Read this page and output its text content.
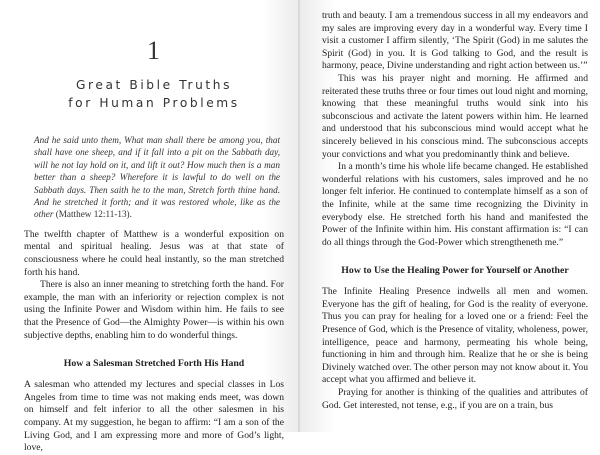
1
Great Bible Truths
for Human Problems
And he said unto them, What man shall there be among you, that shall have one sheep, and if it fall into a pit on the Sabbath day, will he not lay hold on it, and lift it out? How much then is a man better than a sheep? Wherefore it is lawful to do well on the Sabbath days. Then saith he to the man, Stretch forth thine hand. And he stretched it forth; and it was restored whole, like as the other (Matthew 12:11-13).

The twelfth chapter of Matthew is a wonderful exposition on mental and spiritual healing. Jesus was at that state of consciousness where he could heal instantly, so the man stretched forth his hand.

There is also an inner meaning to stretching forth the hand. For example, the man with an inferiority or rejection complex is not using the Infinite Power and Wisdom within him. He fails to see that the Presence of God—the Almighty Power—is within his own subjective depths, enabling him to do wonderful things.

How a Salesman Stretched Forth His Hand

A salesman who attended my lectures and special classes in Los Angeles from time to time was not making ends meet, was down on himself and felt inferior to all the other salesmen in his company. At my suggestion, he began to affirm: “I am a son of the Living God, and I am expressing more and more of God’s light, love,

truth and beauty. I am a tremendous success in all my endeavors and my sales are improving every day in a wonderful way. Every time I visit a customer I affirm silently, ‘The Spirit (God) in me salutes the Spirit (God) in you. It is God talking to God, and the result is harmony, peace, Divine understanding and right action between us.’”

This was his prayer night and morning. He affirmed and reiterated these truths three or four times out loud night and morning, knowing that these meaningful truths would sink into his subconscious and activate the latent powers within him. He learned and understood that his subconscious mind would accept what he sincerely believed in his conscious mind. The subconscious accepts your convictions and what you predominantly think and believe.

In a month’s time his whole life became changed. He established wonderful relations with his customers, sales improved and he no longer felt inferior. He continued to contemplate himself as a son of the Infinite, while at the same time recognizing the Divinity in everybody else. He stretched forth his hand and manifested the Power of the Infinite within him. His constant affirmation is: “I can do all things through the God-Power which strengtheneth me.”

How to Use the Healing Power for Yourself or Another

The Infinite Healing Presence indwells all men and women. Everyone has the gift of healing, for God is the reality of everyone. Thus you can pray for healing for a loved one or a friend: Feel the Presence of God, which is the Presence of vitality, wholeness, power, intelligence, peace and harmony, permeating his whole being, functioning in him and through him. Realize that he or she is being Divinely watched over. The other person may not know about it. You accept what you affirmed and believe it.

Praying for another is thinking of the qualities and attributes of God. Get interested, not tense, e.g., if you are on a train, bus
